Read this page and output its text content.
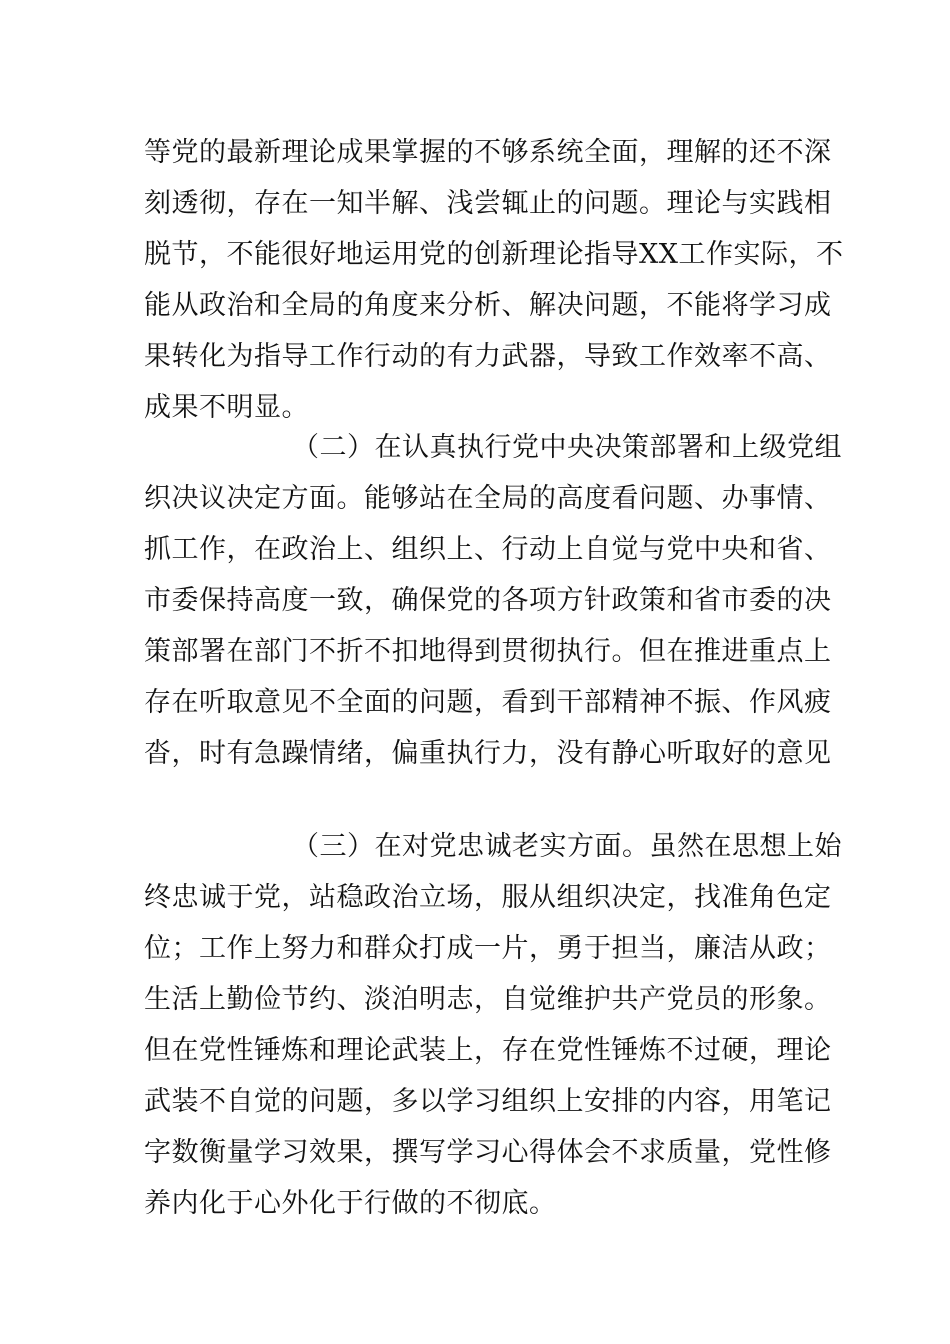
等党的最新理论成果掌握的不够系统全面，理解的还不深
刻透彻，存在一知半解、浅尝辄止的问题。理论与实践相
脱节，不能很好地运用党的创新理论指导XX工作实际，不
能从政治和全局的角度来分析、解决问题，不能将学习成
果转化为指导工作行动的有力武器，导致工作效率不高、
成果不明显。
（二）在认真执行党中央决策部署和上级党组
织决议决定方面。能够站在全局的高度看问题、办事情、
抓工作，在政治上、组织上、行动上自觉与党中央和省、
市委保持高度一致，确保党的各项方针政策和省市委的决
策部署在部门不折不扣地得到贯彻执行。但在推进重点上
存在听取意见不全面的问题，看到干部精神不振、作风疲
沓，时有急躁情绪，偏重执行力，没有静心听取好的意见
（三）在对党忠诚老实方面。虽然在思想上始
终忠诚于党，站稳政治立场，服从组织决定，找准角色定
位；工作上努力和群众打成一片，勇于担当，廉洁从政；
生活上勤俭节约、淡泊明志，自觉维护共产党员的形象。
但在党性锤炼和理论武装上，存在党性锤炼不过硬，理论
武装不自觉的问题，多以学习组织上安排的内容，用笔记
字数衡量学习效果，撰写学习心得体会不求质量，党性修
养内化于心外化于行做的不彻底。
